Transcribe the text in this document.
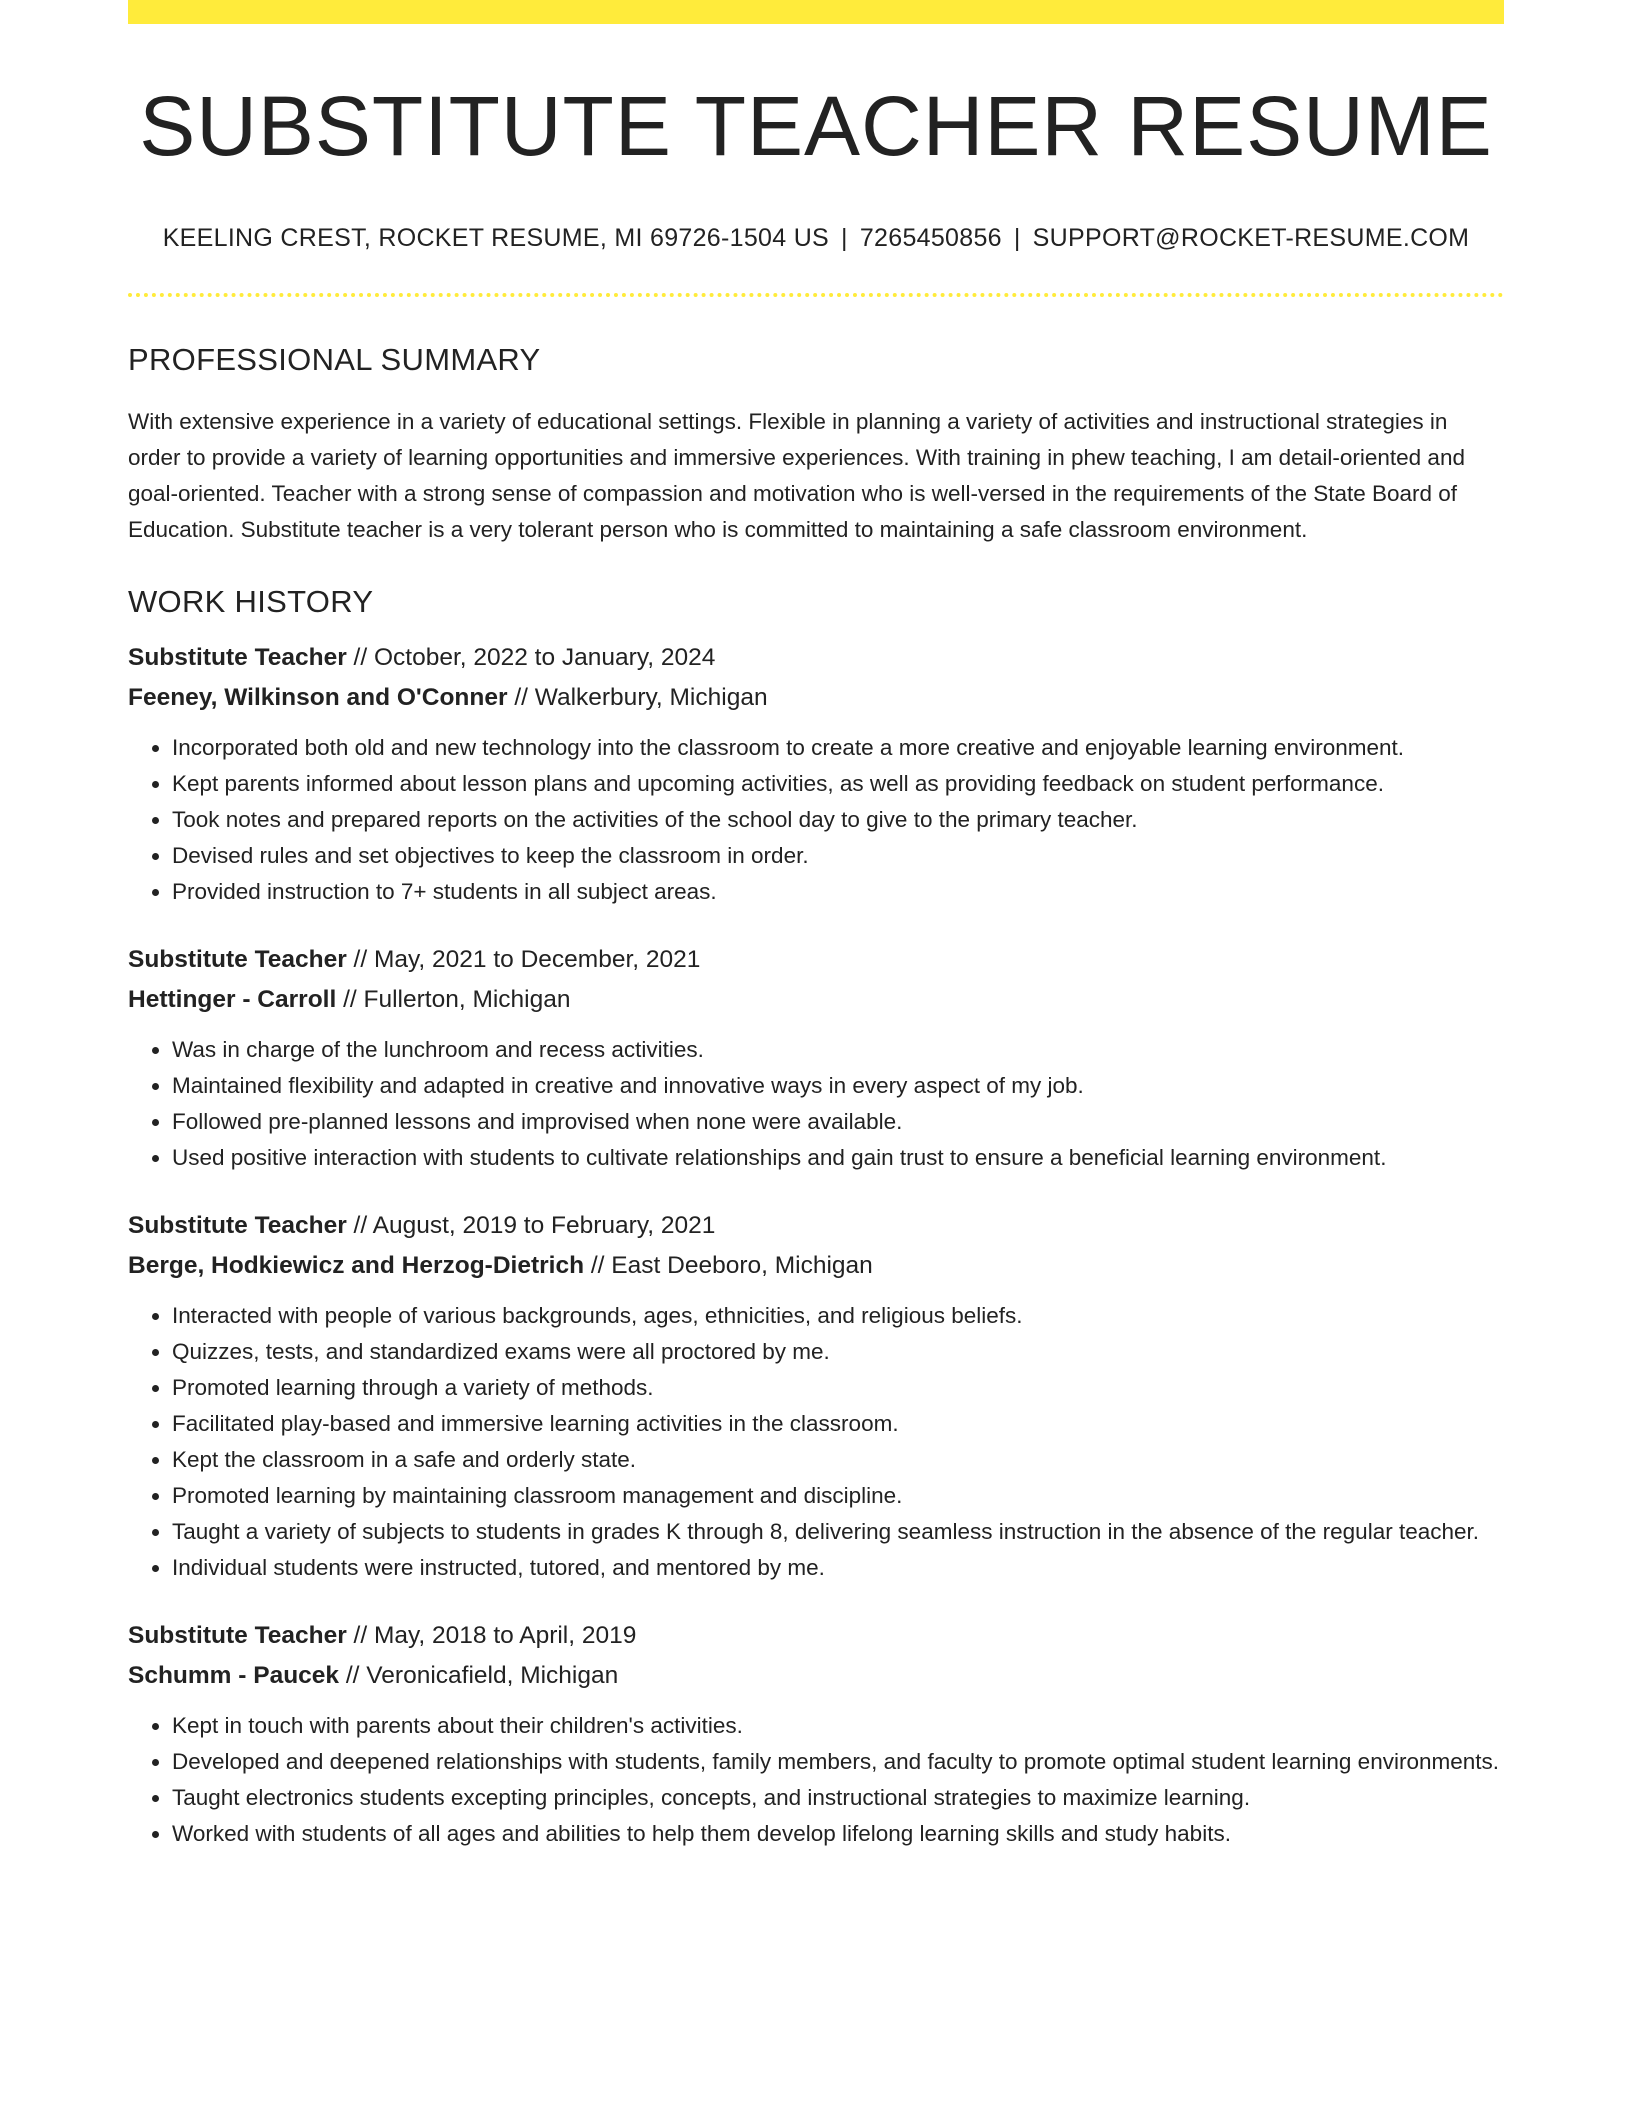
SUBSTITUTE TEACHER RESUME
KEELING CREST, ROCKET RESUME, MI 69726-1504 US | 7265450856 | SUPPORT@ROCKET-RESUME.COM
PROFESSIONAL SUMMARY
With extensive experience in a variety of educational settings. Flexible in planning a variety of activities and instructional strategies in order to provide a variety of learning opportunities and immersive experiences. With training in phew teaching, I am detail-oriented and goal-oriented. Teacher with a strong sense of compassion and motivation who is well-versed in the requirements of the State Board of Education. Substitute teacher is a very tolerant person who is committed to maintaining a safe classroom environment.
WORK HISTORY
Substitute Teacher // October, 2022 to January, 2024
Feeney, Wilkinson and O'Conner // Walkerbury, Michigan
• Incorporated both old and new technology into the classroom to create a more creative and enjoyable learning environment.
• Kept parents informed about lesson plans and upcoming activities, as well as providing feedback on student performance.
• Took notes and prepared reports on the activities of the school day to give to the primary teacher.
• Devised rules and set objectives to keep the classroom in order.
• Provided instruction to 7+ students in all subject areas.
Substitute Teacher // May, 2021 to December, 2021
Hettinger - Carroll // Fullerton, Michigan
• Was in charge of the lunchroom and recess activities.
• Maintained flexibility and adapted in creative and innovative ways in every aspect of my job.
• Followed pre-planned lessons and improvised when none were available.
• Used positive interaction with students to cultivate relationships and gain trust to ensure a beneficial learning environment.
Substitute Teacher // August, 2019 to February, 2021
Berge, Hodkiewicz and Herzog-Dietrich // East Deeboro, Michigan
• Interacted with people of various backgrounds, ages, ethnicities, and religious beliefs.
• Quizzes, tests, and standardized exams were all proctored by me.
• Promoted learning through a variety of methods.
• Facilitated play-based and immersive learning activities in the classroom.
• Kept the classroom in a safe and orderly state.
• Promoted learning by maintaining classroom management and discipline.
• Taught a variety of subjects to students in grades K through 8, delivering seamless instruction in the absence of the regular teacher.
• Individual students were instructed, tutored, and mentored by me.
Substitute Teacher // May, 2018 to April, 2019
Schumm - Paucek // Veronicafield, Michigan
• Kept in touch with parents about their children's activities.
• Developed and deepened relationships with students, family members, and faculty to promote optimal student learning environments.
• Taught electronics students excepting principles, concepts, and instructional strategies to maximize learning.
• Worked with students of all ages and abilities to help them develop lifelong learning skills and study habits.
